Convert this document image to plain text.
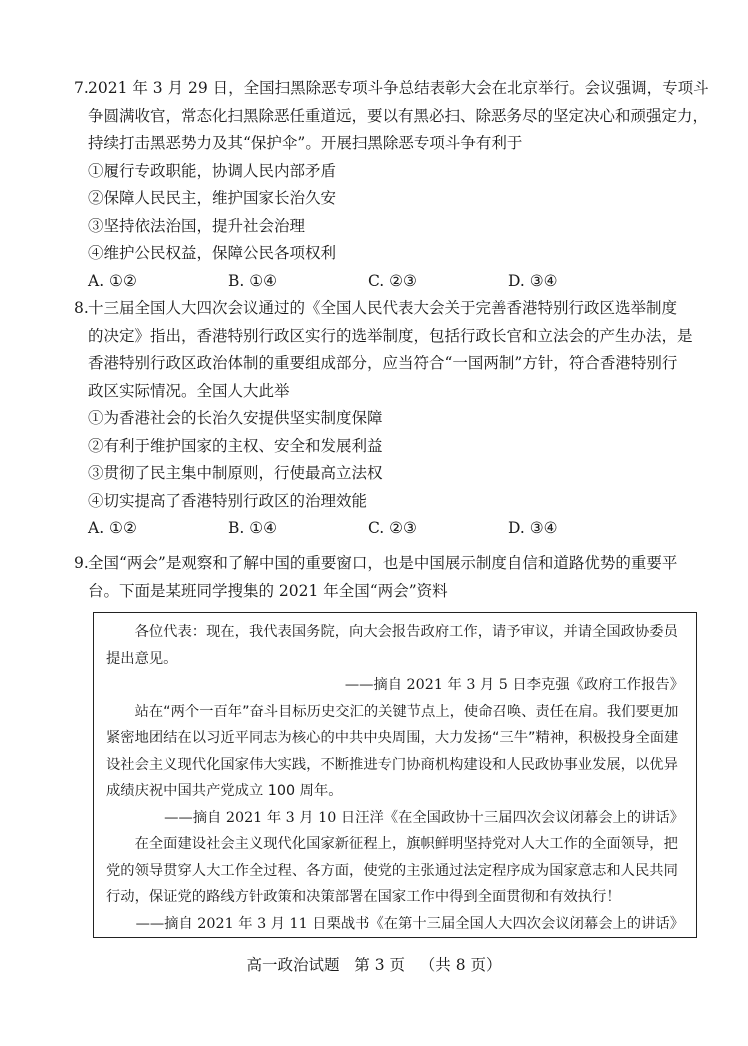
7. 2021 年 3 月 29 日，全国扫黑除恶专项斗争总结表彰大会在北京举行。会议强调，专项斗
争圆满收官，常态化扫黑除恶任重道远，要以有黑必扫、除恶务尽的坚定决心和顽强定力，
持续打击黑恶势力及其“保护伞”。开展扫黑除恶专项斗争有利于
①履行专政职能，协调人民内部矛盾
②保障人民民主，维护国家长治久安
③坚持依法治国，提升社会治理
④维护公民权益，保障公民各项权利
A. ①②	B. ①④	C. ②③	D. ③④
8. 十三届全国人大四次会议通过的《全国人民代表大会关于完善香港特别行政区选举制度
的决定》指出，香港特别行政区实行的选举制度，包括行政长官和立法会的产生办法，是
香港特别行政区政治体制的重要组成部分，应当符合“一国两制”方针，符合香港特别行
政区实际情况。全国人大此举
①为香港社会的长治久安提供坚实制度保障
②有利于维护国家的主权、安全和发展利益
③贯彻了民主集中制原则，行使最高立法权
④切实提高了香港特别行政区的治理效能
A. ①②	B. ①④	C. ②③	D. ③④
9. 全国“两会”是观察和了解中国的重要窗口，也是中国展示制度自信和道路优势的重要平
台。下面是某班同学搜集的 2021 年全国“两会”资料
各位代表：现在，我代表国务院，向大会报告政府工作，请予审议，并请全国政协委员提出意见。
——摘自 2021 年 3 月 5 日李克强《政府工作报告》
站在“两个一百年”奋斗目标历史交汇的关键节点上，使命召唤、责任在肩。我们要更加紧密地团结在以习近平同志为核心的中共中央周围，大力发扬“三牛”精神，积极投身全面建设社会主义现代化国家伟大实践，不断推进专门协商机构建设和人民政协事业发展，以优异成绩庆祝中国共产党成立 100 周年。
——摘自 2021 年 3 月 10 日汪洋《在全国政协十三届四次会议闭幕会上的讲话》
在全面建设社会主义现代化国家新征程上，旗帜鲜明坚持党对人大工作的全面领导，把党的领导贯穿人大工作全过程、各方面，使党的主张通过法定程序成为国家意志和人民共同行动，保证党的路线方针政策和决策部署在国家工作中得到全面贯彻和有效执行！
——摘自 2021 年 3 月 11 日栗战书《在第十三届全国人大四次会议闭幕会上的讲话》
高一政治试题   第 3 页   （共 8 页）
